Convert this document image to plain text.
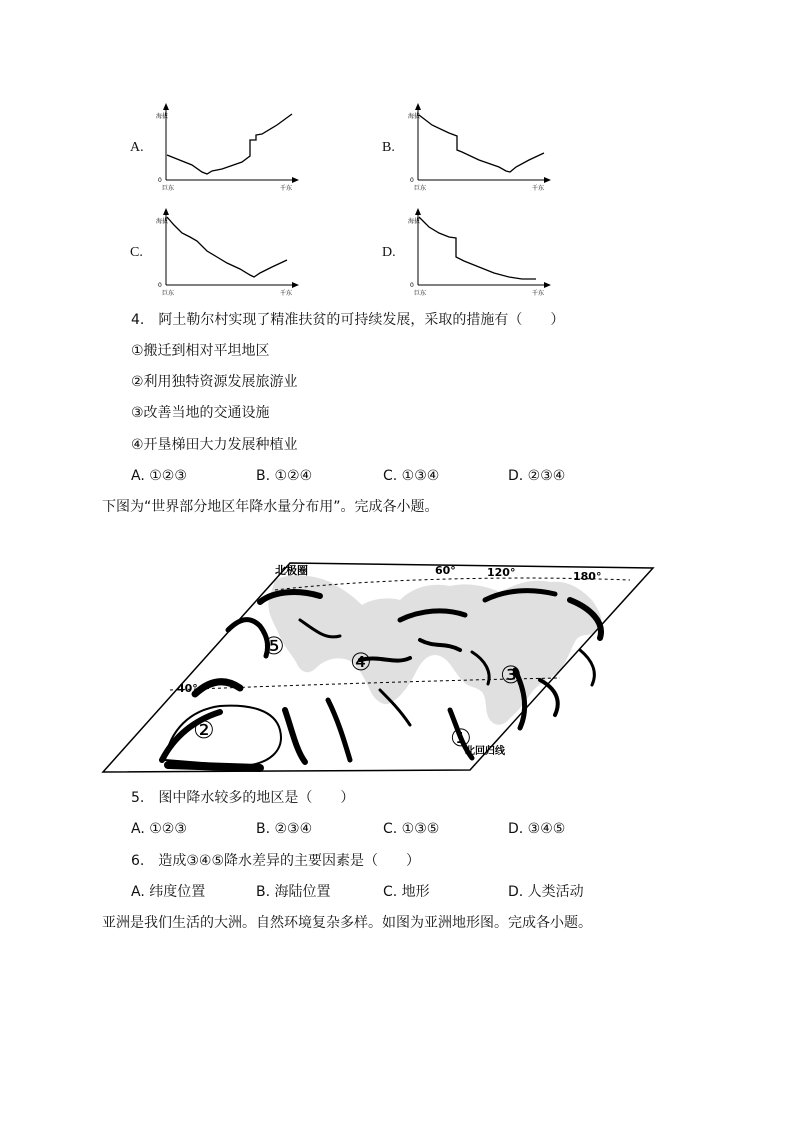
A.
海拔
0
巨东	千东
B.
海拔
0
巨东	千东
C.
海拔
0
巨东	千东
D.
海拔
0
巨东	千东
4.　阿土勒尔村实现了精准扶贫的可持续发展，采取的措施有（　　）
①搬迁到相对平坦地区
②利用独特资源发展旅游业
③改善当地的交通设施
④开垦梯田大力发展种植业
A. ①②③	B. ①②④	C. ①③④	D. ②③④
下图为“世界部分地区年降水量分布用”。完成各小题。
北极圈	60°	120°	180°
40°
北回归线
⑤
④	③
②	①
5.　图中降水较多的地区是（　　）
A. ①②③	B. ②③④	C. ①③⑤	D. ③④⑤
6.　造成③④⑤降水差异的主要因素是（　　）
A. 纬度位置	B. 海陆位置	C. 地形	D. 人类活动
亚洲是我们生活的大洲。自然环境复杂多样。如图为亚洲地形图。完成各小题。
